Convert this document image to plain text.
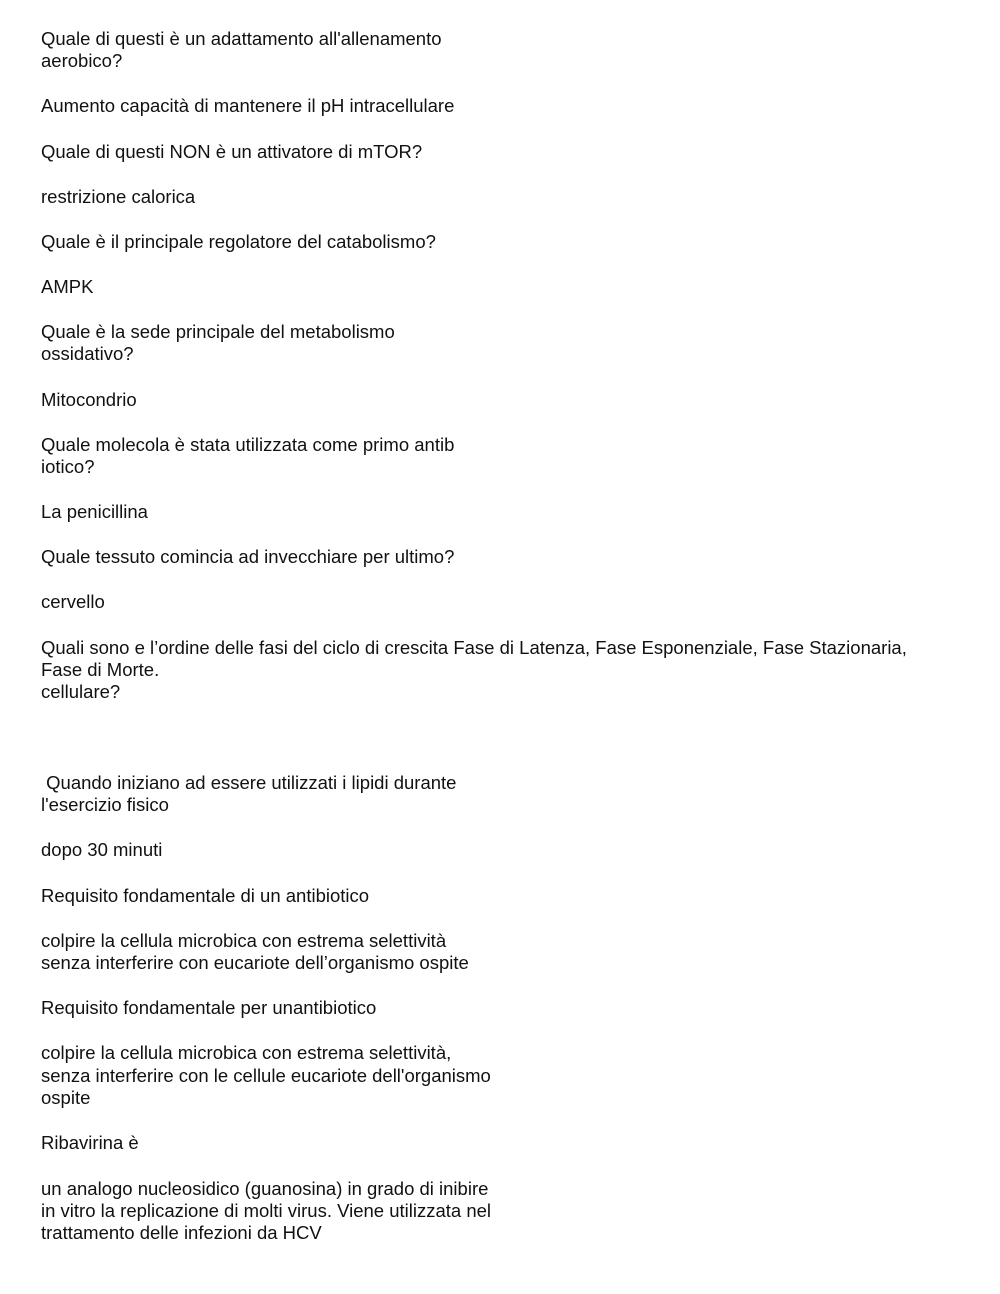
Quale di questi è un adattamento all'allenamento
aerobico?
Aumento capacità di mantenere il pH intracellulare
Quale di questi NON è un attivatore di mTOR?
restrizione calorica
Quale è il principale regolatore del catabolismo?
AMPK
Quale è la sede principale del metabolismo
ossidativo?
Mitocondrio
Quale molecola è stata utilizzata come primo antib
iotico?
La penicillina
Quale tessuto comincia ad invecchiare per ultimo?
cervello
Quali sono e l’ordine delle fasi del ciclo di crescita Fase di Latenza, Fase Esponenziale, Fase Stazionaria,
Fase di Morte.
cellulare?
Quando iniziano ad essere utilizzati i lipidi durante
l'esercizio fisico
dopo 30 minuti
Requisito fondamentale di un antibiotico
colpire la cellula microbica con estrema selettività
senza interferire con eucariote dell’organismo ospite
Requisito fondamentale per unantibiotico
colpire la cellula microbica con estrema selettività,
senza interferire con le cellule eucariote dell'organismo
ospite
Ribavirina è
un analogo nucleosidico (guanosina) in grado di inibire
in vitro la replicazione di molti virus. Viene utilizzata nel
trattamento delle infezioni da HCV
